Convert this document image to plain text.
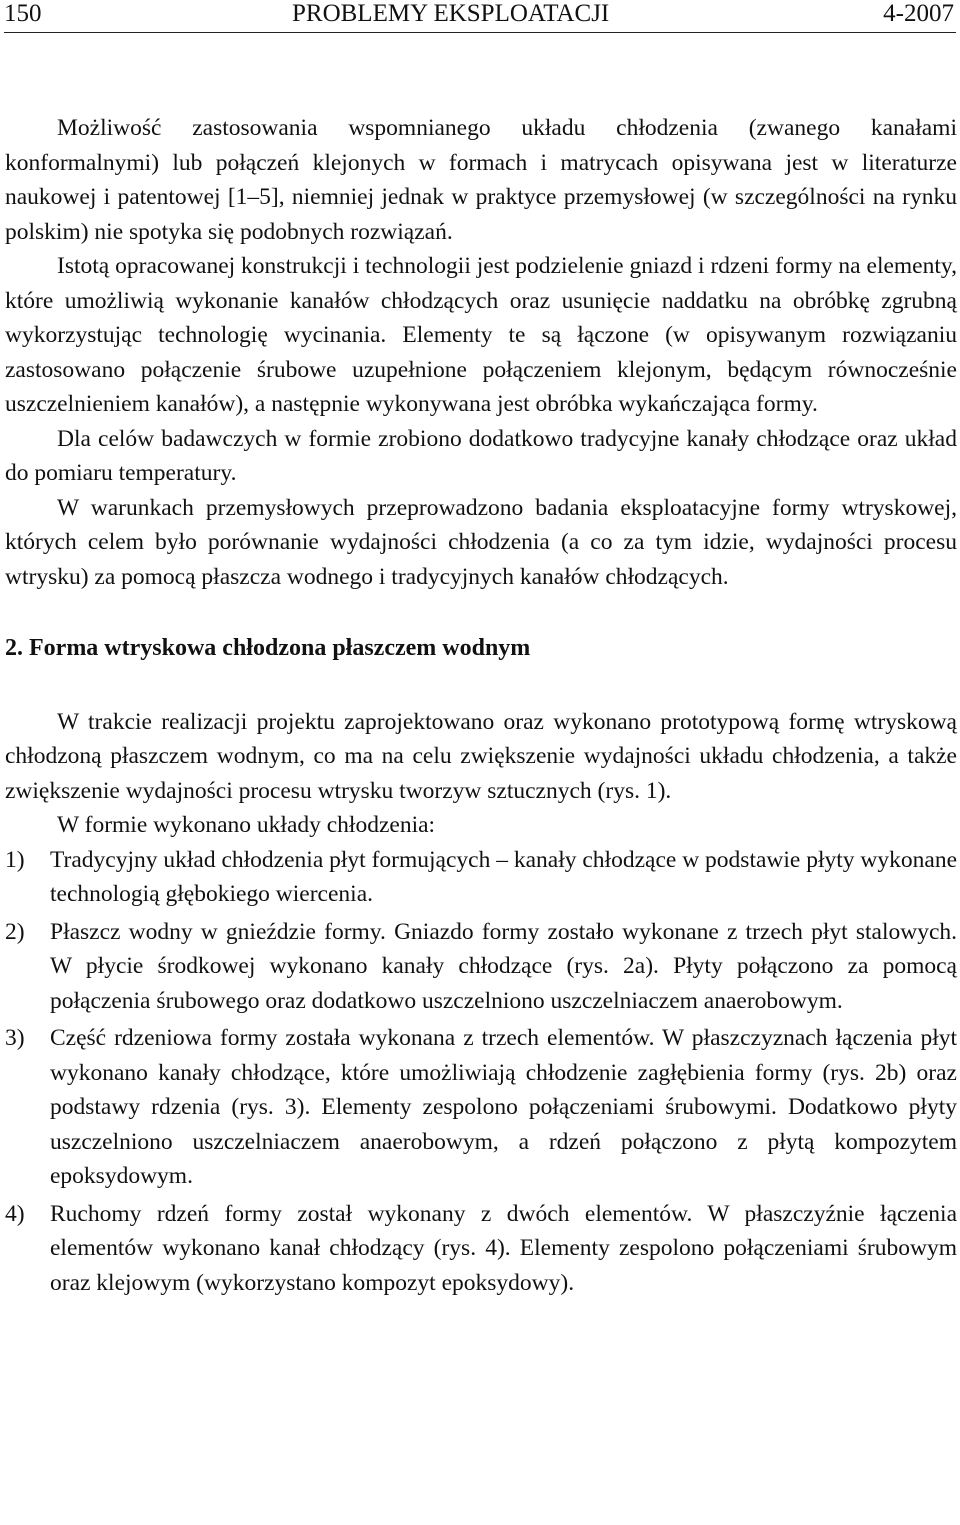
150	PROBLEMY EKSPLOATACJI	4-2007

Możliwość zastosowania wspomnianego układu chłodzenia (zwanego kanałami konformalnymi) lub połączeń klejonych w formach i matrycach opisywana jest w literaturze naukowej i patentowej [1–5], niemniej jednak w praktyce przemysłowej (w szczególności na rynku polskim) nie spotyka się podobnych rozwiązań.

Istotą opracowanej konstrukcji i technologii jest podzielenie gniazd i rdzeni formy na elementy, które umożliwią wykonanie kanałów chłodzących oraz usunięcie naddatku na obróbkę zgrubną wykorzystując technologię wycinania. Elementy te są łączone (w opisywanym rozwiązaniu zastosowano połączenie śrubowe uzupełnione połączeniem klejonym, będącym równocześnie uszczelnieniem kanałów), a następnie wykonywana jest obróbka wykańczająca formy.

Dla celów badawczych w formie zrobiono dodatkowo tradycyjne kanały chłodzące oraz układ do pomiaru temperatury.

W warunkach przemysłowych przeprowadzono badania eksploatacyjne formy wtryskowej, których celem było porównanie wydajności chłodzenia (a co za tym idzie, wydajności procesu wtrysku) za pomocą płaszcza wodnego i tradycyjnych kanałów chłodzących.

2. Forma wtryskowa chłodzona płaszczem wodnym

W trakcie realizacji projektu zaprojektowano oraz wykonano prototypową formę wtryskową chłodzoną płaszczem wodnym, co ma na celu zwiększenie wydajności układu chłodzenia, a także zwiększenie wydajności procesu wtrysku tworzyw sztucznych (rys. 1).

W formie wykonano układy chłodzenia:

1) Tradycyjny układ chłodzenia płyt formujących – kanały chłodzące w podstawie płyty wykonane technologią głębokiego wiercenia.
2) Płaszcz wodny w gnieździe formy. Gniazdo formy zostało wykonane z trzech płyt stalowych. W płycie środkowej wykonano kanały chłodzące (rys. 2a). Płyty połączono za pomocą połączenia śrubowego oraz dodatkowo uszczelniono uszczelniaczem anaerobowym.
3) Część rdzeniowa formy została wykonana z trzech elementów. W płaszczyznach łączenia płyt wykonano kanały chłodzące, które umożliwiają chłodzenie zagłębienia formy (rys. 2b) oraz podstawy rdzenia (rys. 3). Elementy zespolono połączeniami śrubowymi. Dodatkowo płyty uszczelniono uszczelniaczem anaerobowym, a rdzeń połączono z płytą kompozytem epoksydowym.
4) Ruchomy rdzeń formy został wykonany z dwóch elementów. W płaszczyźnie łączenia elementów wykonano kanał chłodzący (rys. 4). Elementy zespolono połączeniami śrubowym oraz klejowym (wykorzystano kompozyt epoksydowy).
